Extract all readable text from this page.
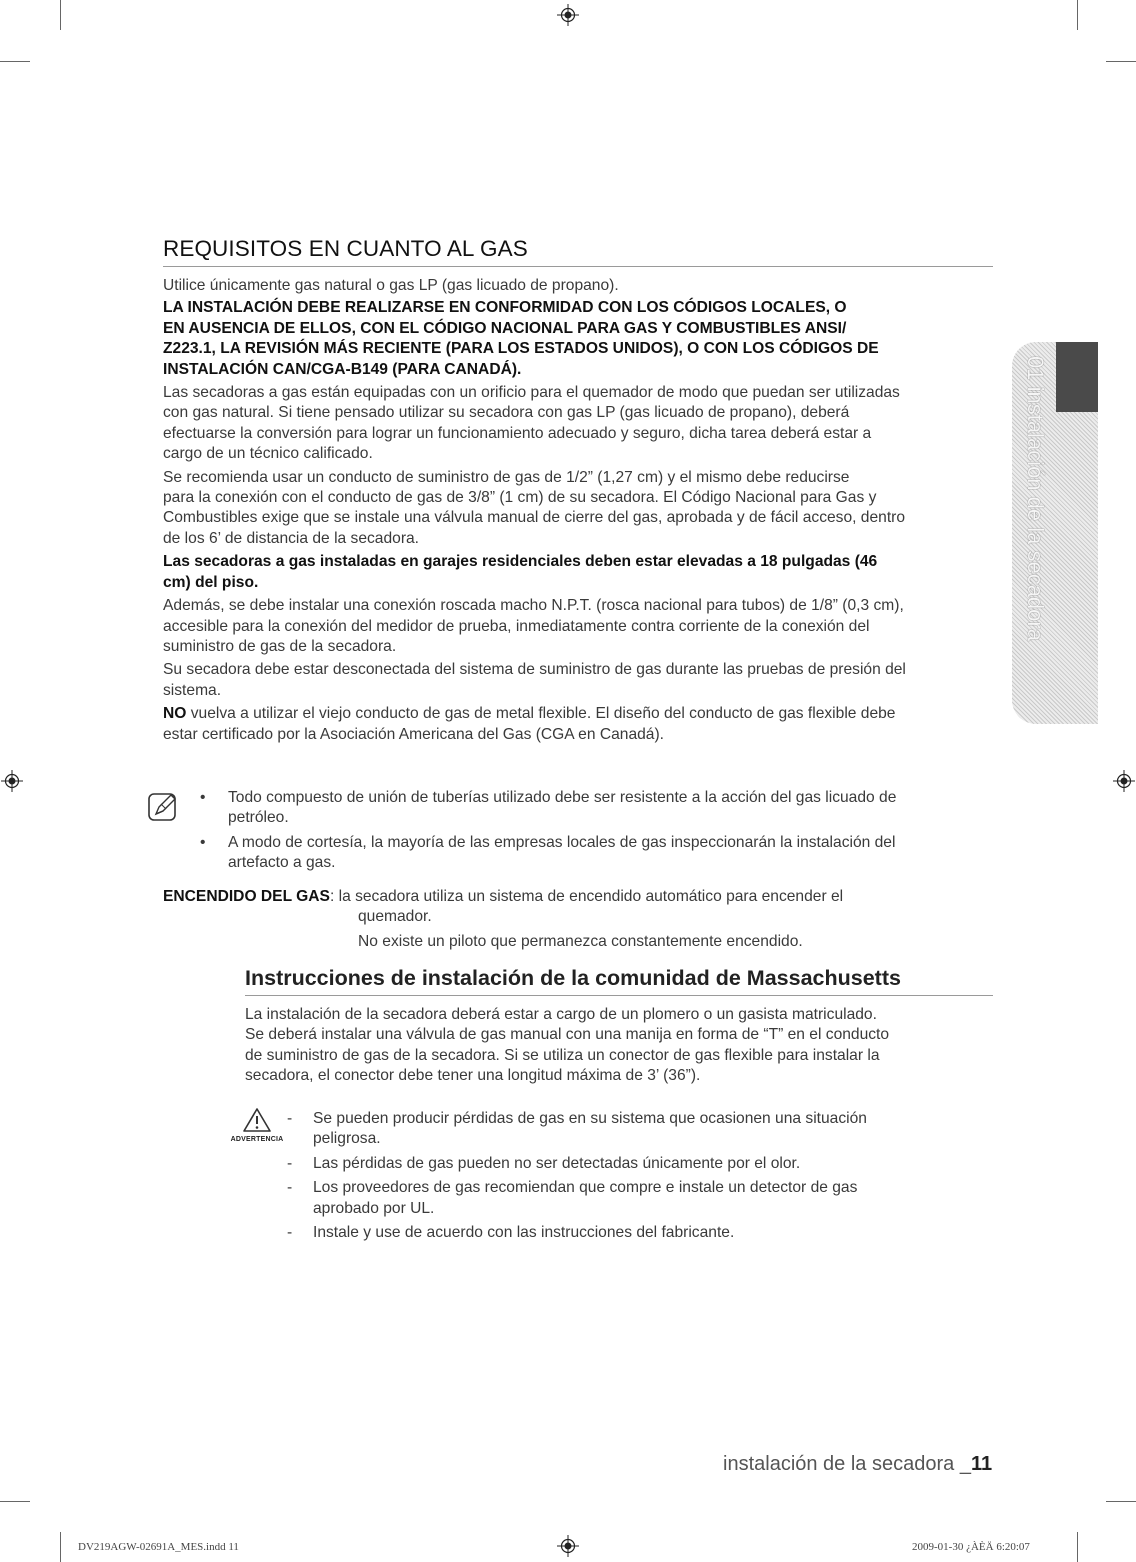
REQUISITOS EN CUANTO AL GAS

Utilice únicamente gas natural o gas LP (gas licuado de propano).

LA INSTALACIÓN DEBE REALIZARSE EN CONFORMIDAD CON LOS CÓDIGOS LOCALES, O

EN AUSENCIA DE ELLOS, CON EL CÓDIGO NACIONAL PARA GAS Y COMBUSTIBLES ANSI/

Z223.1, LA REVISIÓN MÁS RECIENTE (PARA LOS ESTADOS UNIDOS), O CON LOS CÓDIGOS DE

INSTALACIÓN CAN/CGA-B149 (PARA CANADÁ).

Las secadoras a gas están equipadas con un orificio para el quemador de modo que puedan ser utilizadas

con gas natural. Si tiene pensado utilizar su secadora con gas LP (gas licuado de propano), deberá

efectuarse la conversión para lograr un funcionamiento adecuado y seguro, dicha tarea deberá estar a

cargo de un técnico calificado.

Se recomienda usar un conducto de suministro de gas de 1/2” (1,27 cm) y el mismo debe reducirse

para la conexión con el conducto de gas de 3/8” (1 cm) de su secadora. El Código Nacional para Gas y

Combustibles exige que se instale una válvula manual de cierre del gas, aprobada y de fácil acceso, dentro

de los 6’ de distancia de la secadora.

Las secadoras a gas instaladas en garajes residenciales deben estar elevadas a 18 pulgadas (46

cm) del piso.

Además, se debe instalar una conexión roscada macho N.P.T. (rosca nacional para tubos) de 1/8” (0,3 cm),

accesible para la conexión del medidor de prueba, inmediatamente contra corriente de la conexión del

suministro de gas de la secadora.

Su secadora debe estar desconectada del sistema de suministro de gas durante las pruebas de presión del

sistema.

NO vuelva a utilizar el viejo conducto de gas de metal flexible. El diseño del conducto de gas flexible debe

estar certificado por la Asociación Americana del Gas (CGA en Canadá).

• Todo compuesto de unión de tuberías utilizado debe ser resistente a la acción del gas licuado de

petróleo.

• A modo de cortesía, la mayoría de las empresas locales de gas inspeccionarán la instalación del

artefacto a gas.

ENCENDIDO DEL GAS: la secadora utiliza un sistema de encendido automático para encender el

quemador.

No existe un piloto que permanezca constantemente encendido.

Instrucciones de instalación de la comunidad de Massachusetts

La instalación de la secadora deberá estar a cargo de un plomero o un gasista matriculado.

Se deberá instalar una válvula de gas manual con una manija en forma de “T” en el conducto

de suministro de gas de la secadora. Si se utiliza un conector de gas flexible para instalar la

secadora, el conector debe tener una longitud máxima de 3’ (36”).

ADVERTENCIA
- Se pueden producir pérdidas de gas en su sistema que ocasionen una situación

peligrosa.

- Las pérdidas de gas pueden no ser detectadas únicamente por el olor.

- Los proveedores de gas recomiendan que compre e instale un detector de gas

aprobado por UL.

- Instale y use de acuerdo con las instrucciones del fabricante.

01 instalación de la secadora
instalación de la secadora _11
DV219AGW-02691A_MES.indd 11	2009-01-30 ¿ÀÈÄ 6:20:07
